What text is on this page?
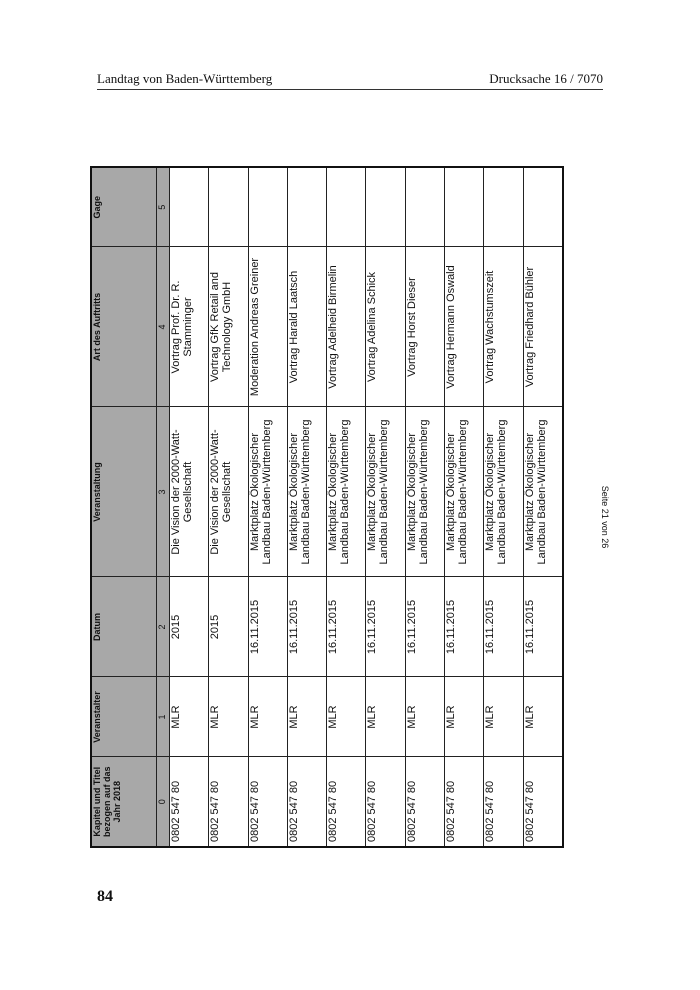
Landtag von Baden-Württemberg	Drucksache 16 / 7070
Kapitel und Titel bezogen auf das Jahr 2018	Veranstalter	Datum	Veranstaltung	Art des Auftritts	Gage
0	1	2	3	4	5
0802 547 80	MLR	2015	Die Vision der 2000-Watt-Gesellschaft	Vortrag Prof. Dr. R. Stamminger	
0802 547 80	MLR	2015	Die Vision der 2000-Watt-Gesellschaft	Vortrag GfK Retail and Technology GmbH	
0802 547 80	MLR	16.11.2015	Marktplatz Ökologischer Landbau Baden-Württemberg	Moderation Andreas Greiner	
0802 547 80	MLR	16.11.2015	Marktplatz Ökologischer Landbau Baden-Württemberg	Vortrag Harald Laatsch	
0802 547 80	MLR	16.11.2015	Marktplatz Ökologischer Landbau Baden-Württemberg	Vortrag Adelheid Birmelin	
0802 547 80	MLR	16.11.2015	Marktplatz Ökologischer Landbau Baden-Württemberg	Vortrag Adelina Schick	
0802 547 80	MLR	16.11.2015	Marktplatz Ökologischer Landbau Baden-Württemberg	Vortrag Horst Dieser	
0802 547 80	MLR	16.11.2015	Marktplatz Ökologischer Landbau Baden-Württemberg	Vortrag Hermann Oswald	
0802 547 80	MLR	16.11.2015	Marktplatz Ökologischer Landbau Baden-Württemberg	Vortrag Wachstumszeit	
0802 547 80	MLR	16.11.2015	Marktplatz Ökologischer Landbau Baden-Württemberg	Vortrag Friedhard Bühler	
Seite 21 von 26
84
